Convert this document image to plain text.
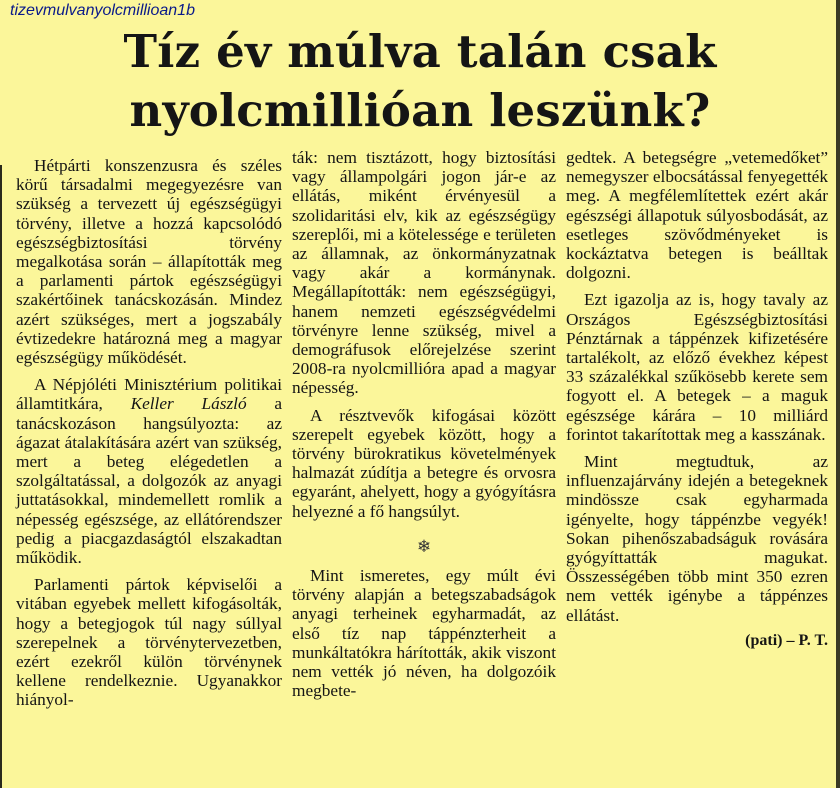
tizevmulvanyolcmillioan1b
Tíz év múlva talán csak
nyolcmillióan leszünk?

Hétpárti konszenzusra és széles körű társadalmi megegyezésre van szükség a tervezett új egészségügyi törvény, illetve a hozzá kapcsolódó egészségbiztosítási törvény megalkotása során – állapították meg a parlamenti pártok egészségügyi szakértőinek tanácskozásán. Mindez azért szükséges, mert a jogszabály évtizedekre határozná meg a magyar egészségügy működését.

A Népjóléti Minisztérium politikai államtitkára, Keller László a tanácskozáson hangsúlyozta: az ágazat átalakítására azért van szükség, mert a beteg elégedetlen a szolgáltatással, a dolgozók az anyagi juttatásokkal, mindemellett romlik a népesség egészsége, az ellátórendszer pedig a piacgazdaságtól elszakadtan működik.

Parlamenti pártok képviselői a vitában egyebek mellett kifogásolták, hogy a betegjogok túl nagy súllyal szerepelnek a törvénytervezetben, ezért ezekről külön törvénynek kellene rendelkeznie. Ugyanakkor hiányol-

ták: nem tisztázott, hogy biztosítási vagy állampolgári jogon jár-e az ellátás, miként érvényesül a szolidaritási elv, kik az egészségügy szereplői, mi a kötelessége e területen az államnak, az önkormányzatnak vagy akár a kormánynak. Megállapították: nem egészségügyi, hanem nemzeti egészségvédelmi törvényre lenne szükség, mivel a demográfusok előrejelzése szerint 2008-ra nyolcmillióra apad a magyar népesség.

A résztvevők kifogásai között szerepelt egyebek között, hogy a törvény bürokratikus követelmények halmazát zúdítja a betegre és orvosra egyaránt, ahelyett, hogy a gyógyításra helyezné a fő hangsúlyt.

❄

Mint ismeretes, egy múlt évi törvény alapján a betegszabadságok anyagi terheinek egyharmadát, az első tíz nap táppénzterheit a munkáltatókra hárították, akik viszont nem vették jó néven, ha dolgozóik megbete-

gedtek. A betegségre „vetemedőket” nemegyszer elbocsátással fenyegették meg. A megfélemlítettek ezért akár egészségi állapotuk súlyosbodását, az esetleges szövődményeket is kockáztatva betegen is beálltak dolgozni.

Ezt igazolja az is, hogy tavaly az Országos Egészségbiztosítási Pénztárnak a táppénzek kifizetésére tartalékolt, az előző évekhez képest 33 százalékkal szűkösebb kerete sem fogyott el. A betegek – a maguk egészsége kárára – 10 milliárd forintot takarítottak meg a kasszának.

Mint megtudtuk, az influenzajárvány idején a betegeknek mindössze csak egyharmada igényelte, hogy táppénzbe vegyék! Sokan pihenőszabadságuk rovására gyógyíttatták magukat. Összességében több mint 350 ezren nem vették igénybe a táppénzes ellátást.

(pati) – P. T.
